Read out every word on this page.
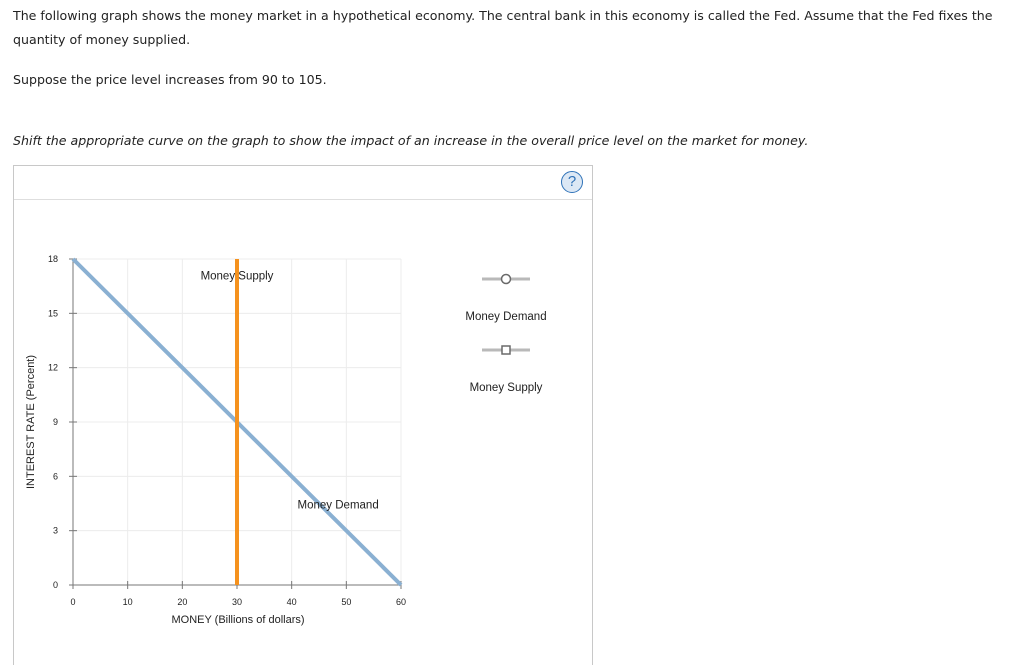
The following graph shows the money market in a hypothetical economy. The central bank in this economy is called the Fed. Assume that the Fed fixes the quantity of money supplied.
Suppose the price level increases from 90 to 105.
Shift the appropriate curve on the graph to show the impact of an increase in the overall price level on the market for money.
?
0	10	20	30	40	50	60
0
3
6
9
12
15
18
MONEY (Billions of dollars)
INTEREST RATE (Percent)
Money Demand
Money Supply
Money Demand
Money Supply
